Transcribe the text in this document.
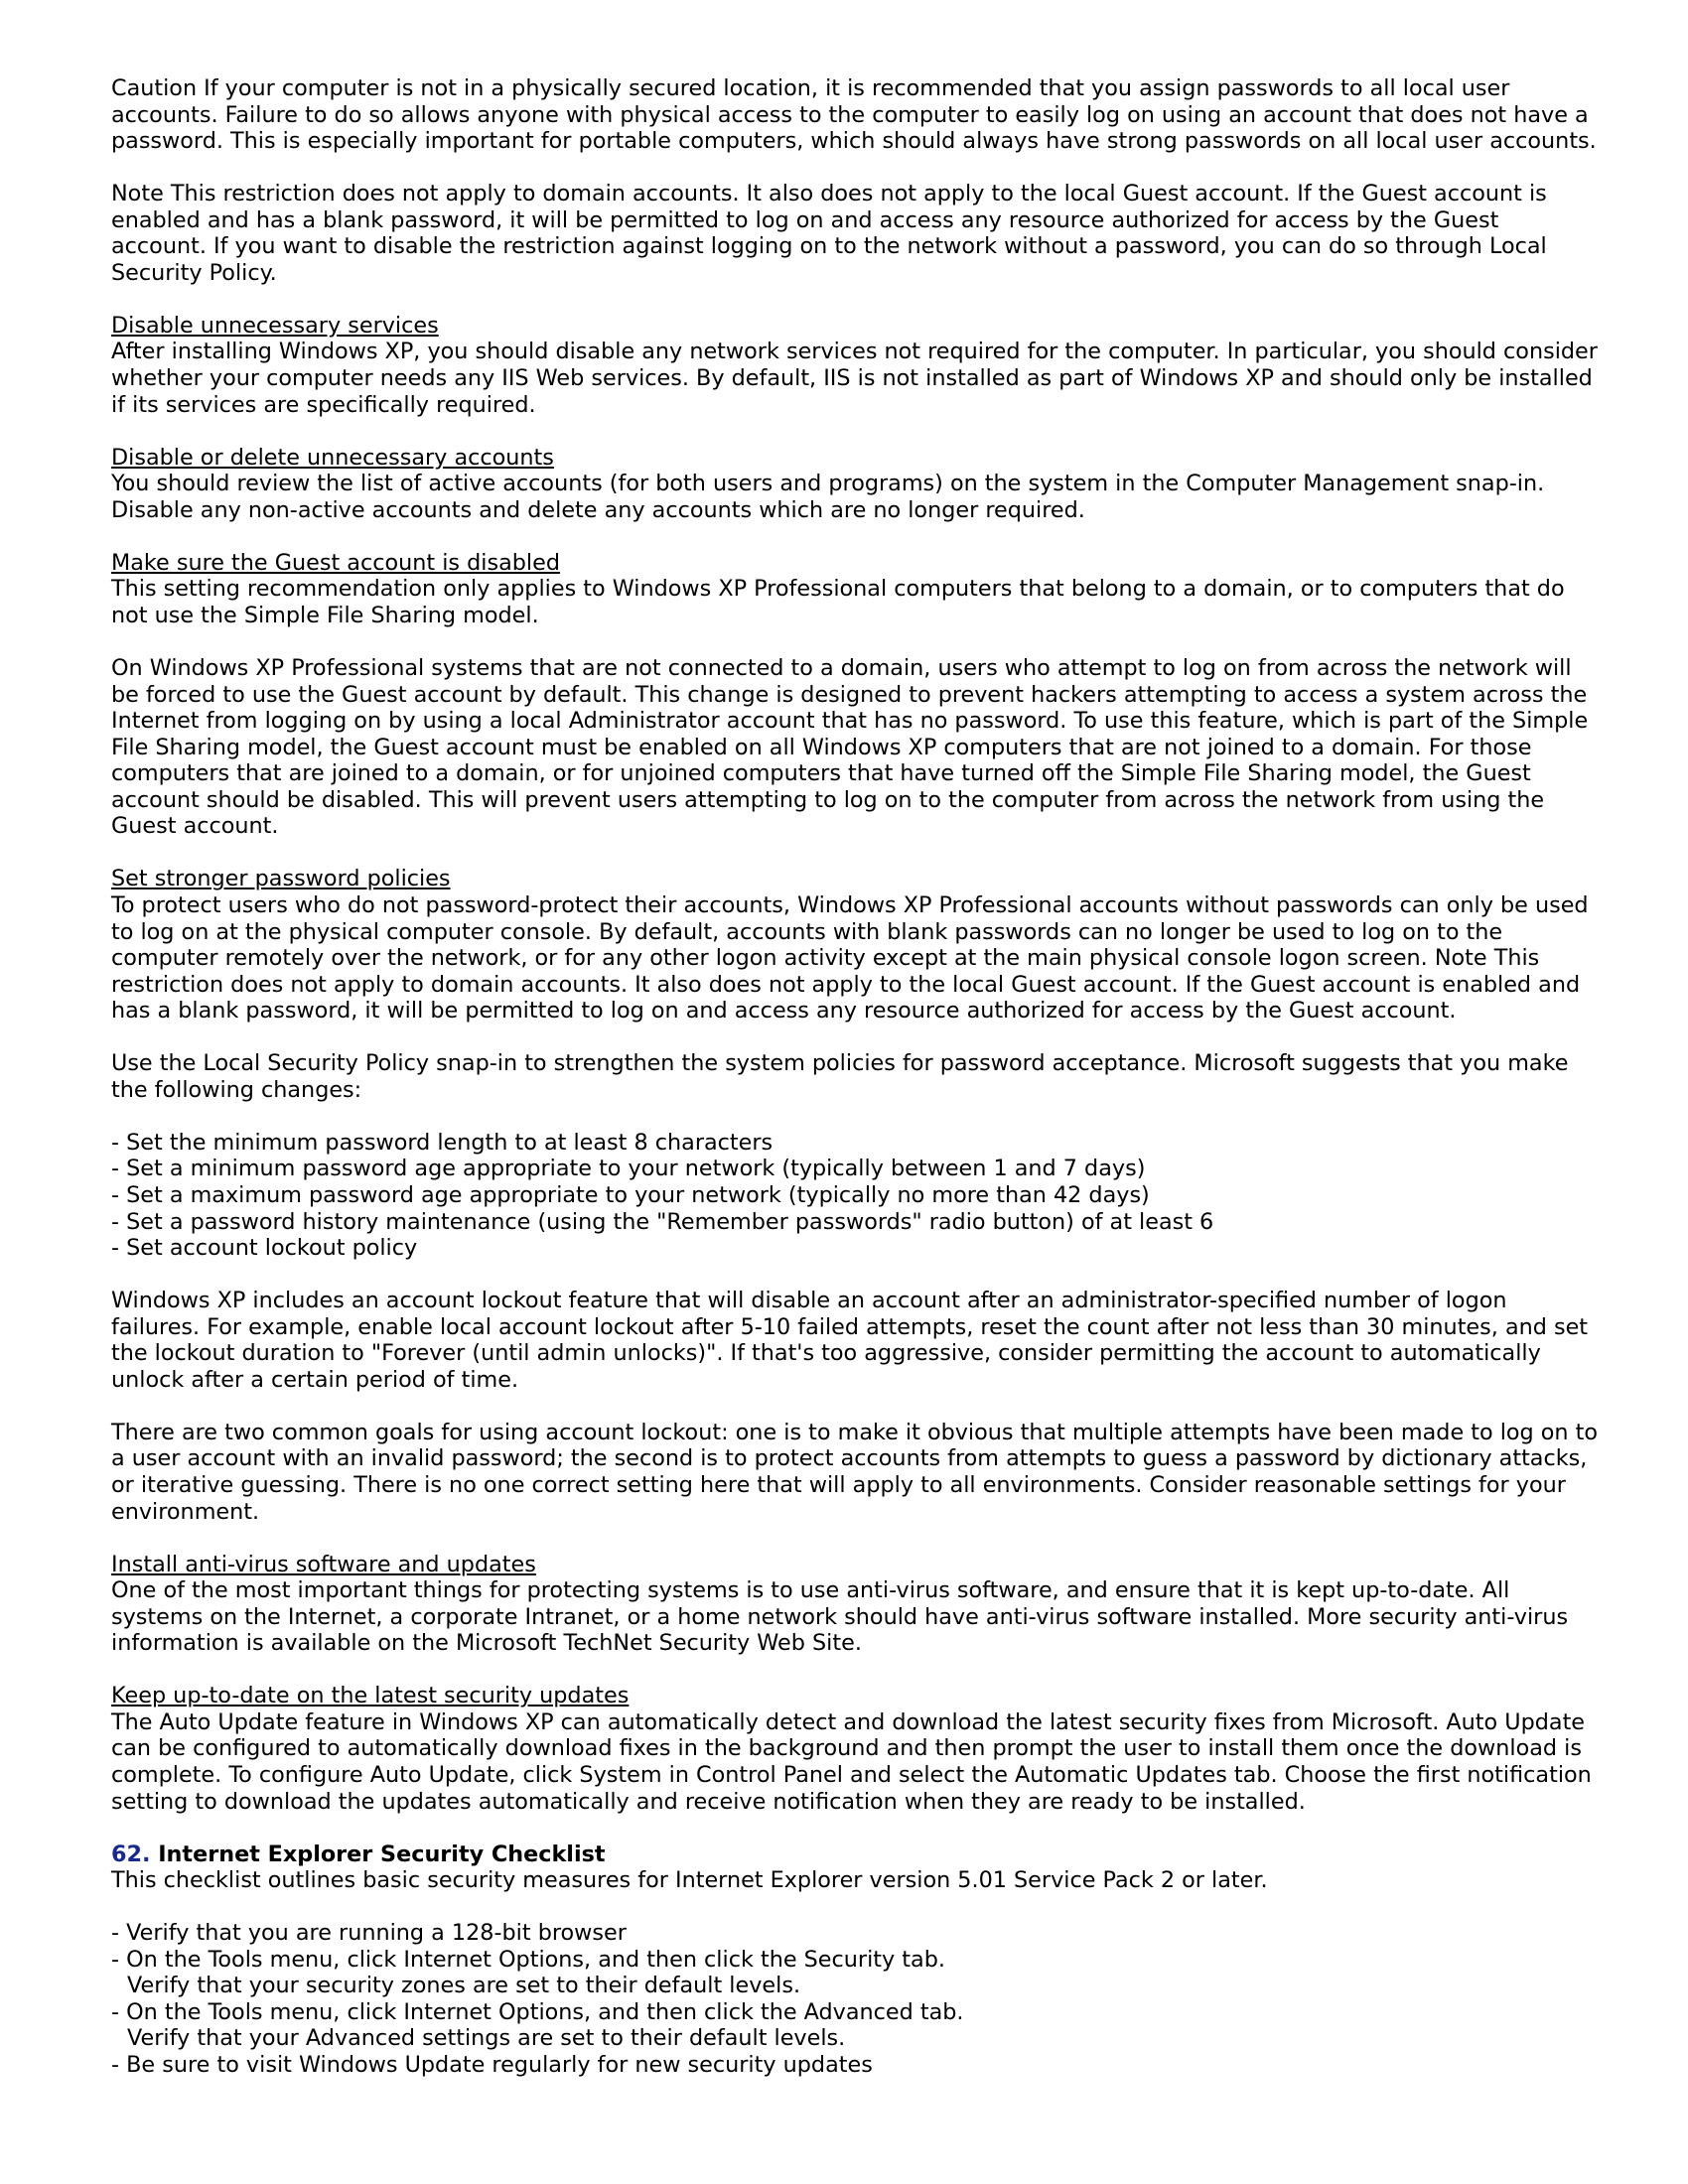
Caution If your computer is not in a physically secured location, it is recommended that you assign passwords to all local user accounts. Failure to do so allows anyone with physical access to the computer to easily log on using an account that does not have a password. This is especially important for portable computers, which should always have strong passwords on all local user accounts.

Note This restriction does not apply to domain accounts. It also does not apply to the local Guest account. If the Guest account is enabled and has a blank password, it will be permitted to log on and access any resource authorized for access by the Guest account. If you want to disable the restriction against logging on to the network without a password, you can do so through Local Security Policy.

Disable unnecessary services

After installing Windows XP, you should disable any network services not required for the computer. In particular, you should consider whether your computer needs any IIS Web services. By default, IIS is not installed as part of Windows XP and should only be installed if its services are specifically required.

Disable or delete unnecessary accounts

You should review the list of active accounts (for both users and programs) on the system in the Computer Management snap-in. Disable any non-active accounts and delete any accounts which are no longer required.

Make sure the Guest account is disabled

This setting recommendation only applies to Windows XP Professional computers that belong to a domain, or to computers that do not use the Simple File Sharing model.

On Windows XP Professional systems that are not connected to a domain, users who attempt to log on from across the network will be forced to use the Guest account by default. This change is designed to prevent hackers attempting to access a system across the Internet from logging on by using a local Administrator account that has no password. To use this feature, which is part of the Simple File Sharing model, the Guest account must be enabled on all Windows XP computers that are not joined to a domain. For those computers that are joined to a domain, or for unjoined computers that have turned off the Simple File Sharing model, the Guest account should be disabled. This will prevent users attempting to log on to the computer from across the network from using the Guest account.

Set stronger password policies

To protect users who do not password-protect their accounts, Windows XP Professional accounts without passwords can only be used to log on at the physical computer console. By default, accounts with blank passwords can no longer be used to log on to the computer remotely over the network, or for any other logon activity except at the main physical console logon screen. Note This restriction does not apply to domain accounts. It also does not apply to the local Guest account. If the Guest account is enabled and has a blank password, it will be permitted to log on and access any resource authorized for access by the Guest account.

Use the Local Security Policy snap-in to strengthen the system policies for password acceptance. Microsoft suggests that you make the following changes:

- Set the minimum password length to at least 8 characters

- Set a minimum password age appropriate to your network (typically between 1 and 7 days)

- Set a maximum password age appropriate to your network (typically no more than 42 days)

- Set a password history maintenance (using the "Remember passwords" radio button) of at least 6

- Set account lockout policy

Windows XP includes an account lockout feature that will disable an account after an administrator-specified number of logon failures. For example, enable local account lockout after 5-10 failed attempts, reset the count after not less than 30 minutes, and set the lockout duration to "Forever (until admin unlocks)". If that's too aggressive, consider permitting the account to automatically unlock after a certain period of time.

There are two common goals for using account lockout: one is to make it obvious that multiple attempts have been made to log on to a user account with an invalid password; the second is to protect accounts from attempts to guess a password by dictionary attacks, or iterative guessing. There is no one correct setting here that will apply to all environments. Consider reasonable settings for your environment.

Install anti-virus software and updates

One of the most important things for protecting systems is to use anti-virus software, and ensure that it is kept up-to-date. All systems on the Internet, a corporate Intranet, or a home network should have anti-virus software installed. More security anti-virus information is available on the Microsoft TechNet Security Web Site.

Keep up-to-date on the latest security updates

The Auto Update feature in Windows XP can automatically detect and download the latest security fixes from Microsoft. Auto Update can be configured to automatically download fixes in the background and then prompt the user to install them once the download is complete. To configure Auto Update, click System in Control Panel and select the Automatic Updates tab. Choose the first notification setting to download the updates automatically and receive notification when they are ready to be installed.

62. Internet Explorer Security Checklist

This checklist outlines basic security measures for Internet Explorer version 5.01 Service Pack 2 or later.

- Verify that you are running a 128-bit browser

- On the Tools menu, click Internet Options, and then click the Security tab.

Verify that your security zones are set to their default levels.

- On the Tools menu, click Internet Options, and then click the Advanced tab.

Verify that your Advanced settings are set to their default levels.

- Be sure to visit Windows Update regularly for new security updates
